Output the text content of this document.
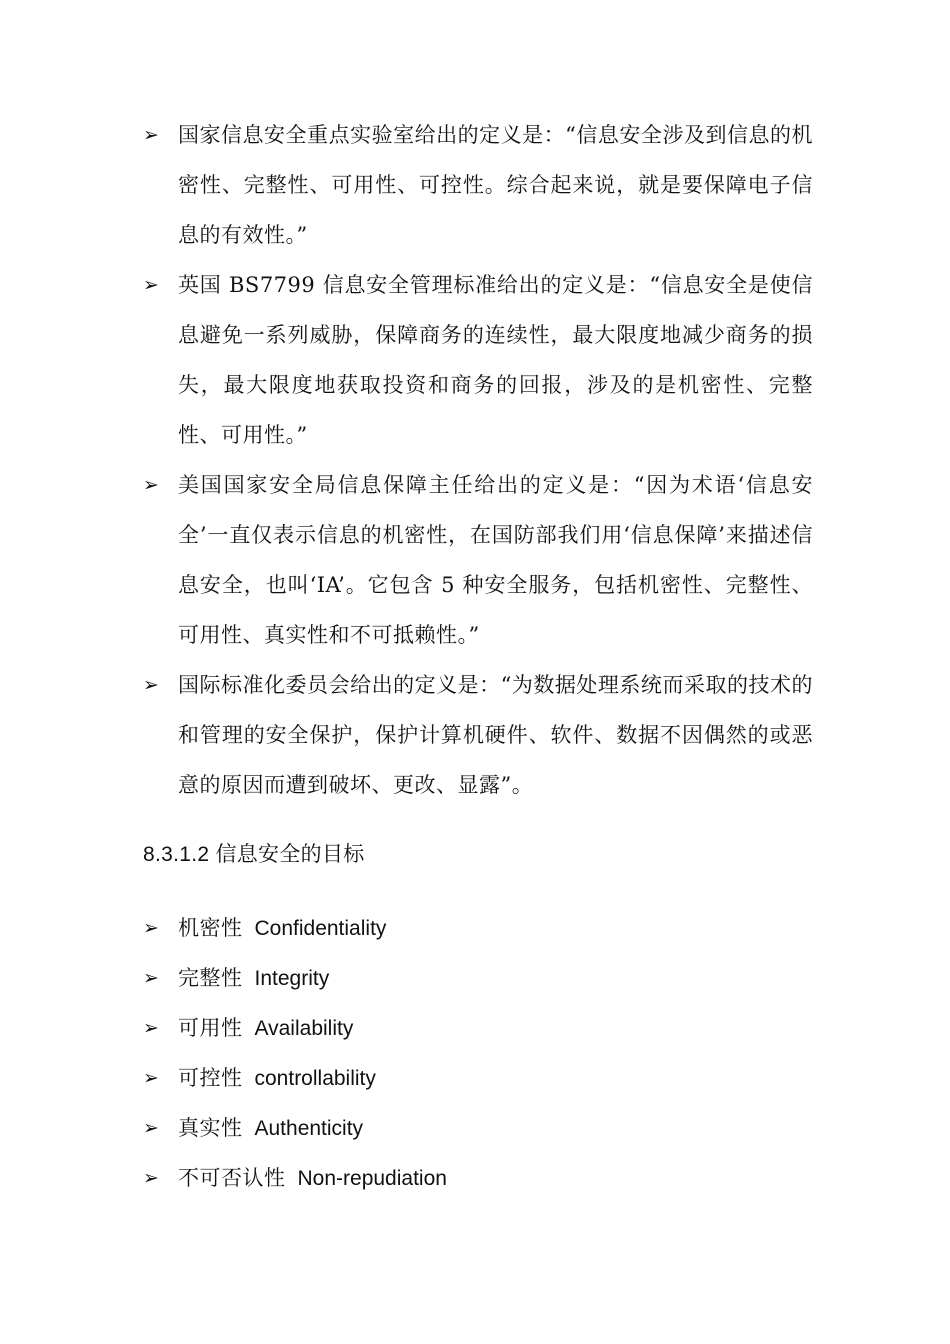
➢ 国家信息安全重点实验室给出的定义是：“信息安全涉及到信息的机密性、完整性、可用性、可控性。综合起来说，就是要保障电子信息的有效性。”
➢ 英国 BS7799 信息安全管理标准给出的定义是：“信息安全是使信息避免一系列威胁，保障商务的连续性，最大限度地减少商务的损失，最大限度地获取投资和商务的回报，涉及的是机密性、完整性、可用性。”
➢ 美国国家安全局信息保障主任给出的定义是：“因为术语‘信息安全’一直仅表示信息的机密性，在国防部我们用‘信息保障’来描述信息安全，也叫‘IA’。它包含 5 种安全服务，包括机密性、完整性、可用性、真实性和不可抵赖性。”
➢ 国际标准化委员会给出的定义是：“为数据处理系统而采取的技术的和管理的安全保护，保护计算机硬件、软件、数据不因偶然的或恶意的原因而遭到破坏、更改、显露”。
8.3.1.2 信息安全的目标
➢ 机密性 Confidentiality
➢ 完整性 Integrity
➢ 可用性 Availability
➢ 可控性 controllability
➢ 真实性 Authenticity
➢ 不可否认性 Non-repudiation
